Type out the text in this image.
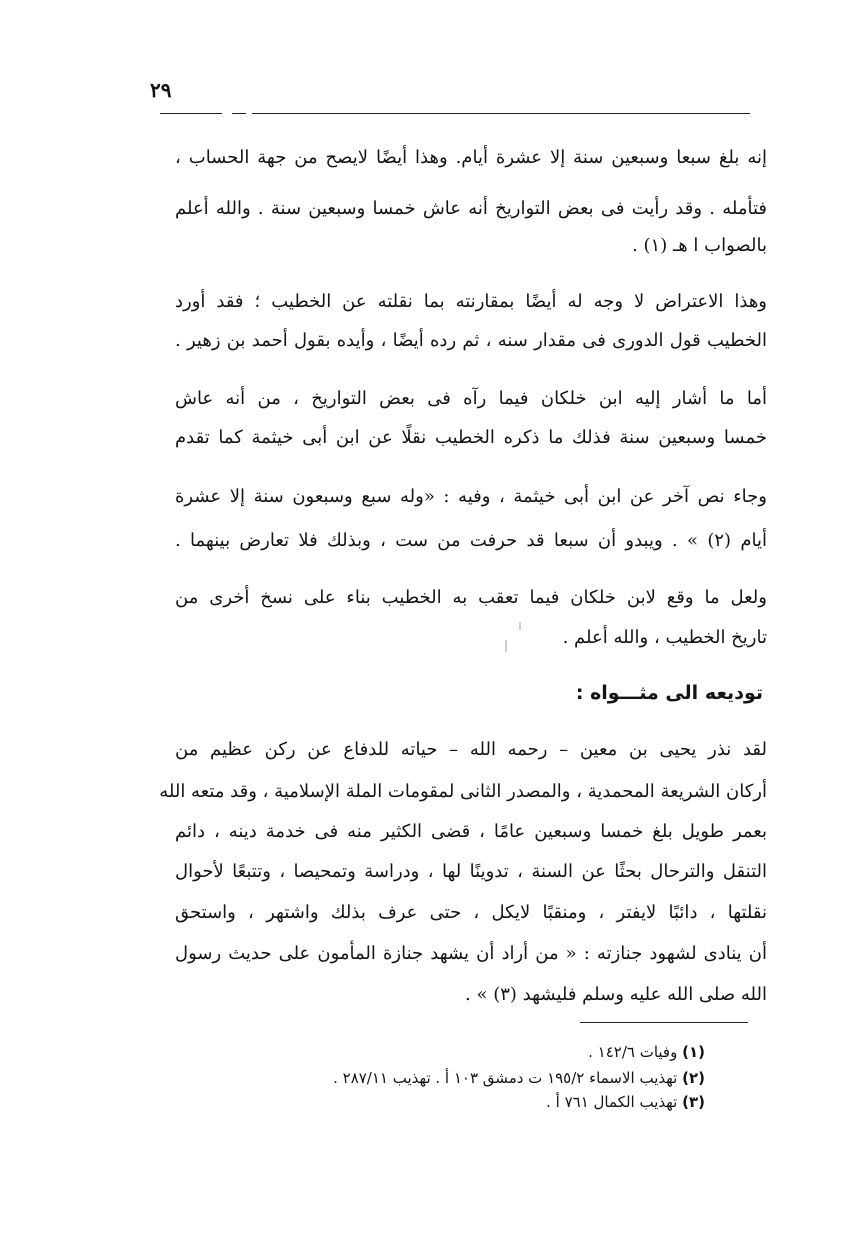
٢٩
إنه بلغ سبعا وسبعين سنة إلا عشرة أيام. وهذا أيضًا لايصح من جهة الحساب ،
فتأمله . وقد رأيت فى بعض التواريخ أنه عاش خمسا وسبعين سنة . والله أعلم
بالصواب ا هـ (١) .
وهذا الاعتراض لا وجه له أيضًا بمقارنته بما نقلته عن الخطيب ؛ فقد أورد
الخطيب قول الدورى فى مقدار سنه ، ثم رده أيضًا ، وأيده بقول أحمد بن زهير .
أما ما أشار إليه ابن خلكان فيما رآه فى بعض التواريخ ، من أنه عاش
خمسا وسبعين سنة فذلك ما ذكره الخطيب نقلًا عن ابن أبى خيثمة كما تقدم
وجاء نص آخر عن ابن أبى خيثمة ، وفيه : «وله سبع وسبعون سنة إلا عشرة
أيام (٢) » . ويبدو أن سبعا قد حرفت من ست ، وبذلك فلا تعارض بينهما .
ولعل ما وقع لابن خلكان فيما تعقب به الخطيب بناء على نسخ أخرى من
تاريخ الخطيب ، والله أعلم .
توديعه الى مثـــواه :
لقد نذر يحيى بن معين – رحمه الله – حياته للدفاع عن ركن عظيم من
أركان الشريعة المحمدية ، والمصدر الثانى لمقومات الملة الإسلامية ، وقد متعه الله
بعمر طويل بلغ خمسا وسبعين عامًا ، قضى الكثير منه فى خدمة دينه ، دائم
التنقل والترحال بحثًا عن السنة ، تدوينًا لها ، ودراسة وتمحيصا ، وتتبعًا لأحوال
نقلتها ، دائبًا لايفتر ، ومنقبًا لايكل ، حتى عرف بذلك واشتهر ، واستحق
أن ينادى لشهود جنازته : « من أراد أن يشهد جنازة المأمون على حديث رسول
الله صلى الله عليه وسلم فليشهد (٣) » .
(١) وفيات ١٤٢/٦ .
(٢) تهذيب الاسماء ١٩٥/٢ ت دمشق ١٠٣ أ . تهذيب ٢٨٧/١١ .
(٣) تهذيب الكمال ٧٦١ أ .
